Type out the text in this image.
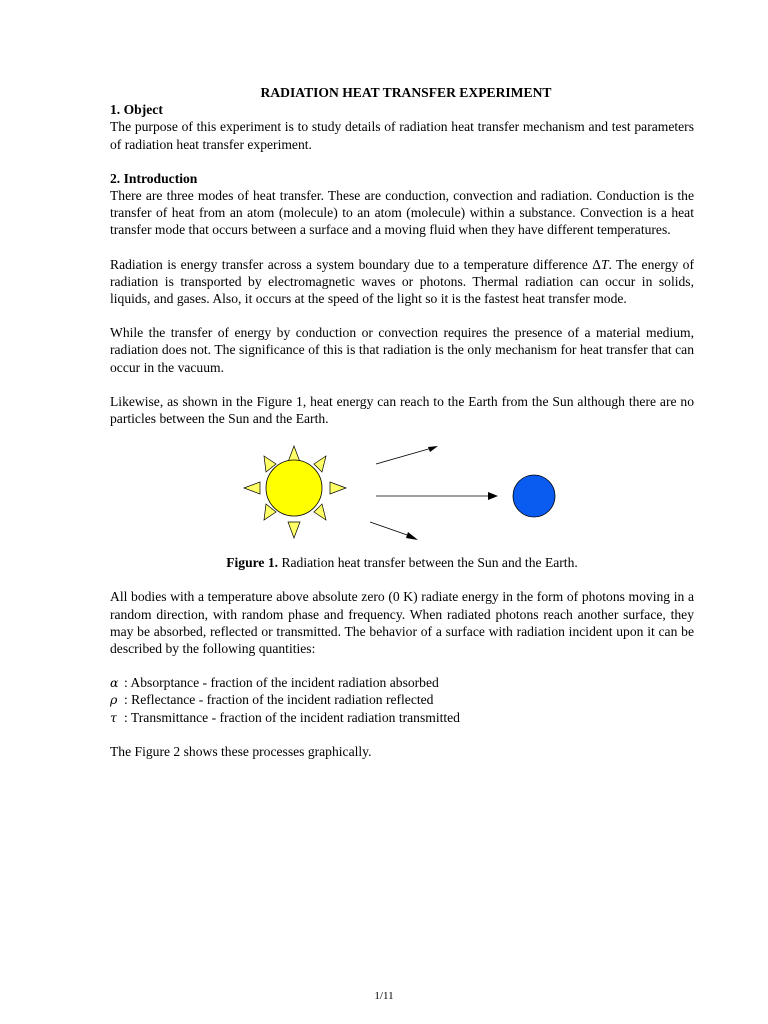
RADIATION HEAT TRANSFER EXPERIMENT

1. Object

The purpose of this experiment is to study details of radiation heat transfer mechanism and test parameters of radiation heat transfer experiment.

2. Introduction

There are three modes of heat transfer. These are conduction, convection and radiation. Conduction is the transfer of heat from an atom (molecule) to an atom (molecule) within a substance. Convection is a heat transfer mode that occurs between a surface and a moving fluid when they have different temperatures.

Radiation is energy transfer across a system boundary due to a temperature difference ΔT. The energy of radiation is transported by electromagnetic waves or photons. Thermal radiation can occur in solids, liquids, and gases. Also, it occurs at the speed of the light so it is the fastest heat transfer mode.

While the transfer of energy by conduction or convection requires the presence of a material medium, radiation does not. The significance of this is that radiation is the only mechanism for heat transfer that can occur in the vacuum.

Likewise, as shown in the Figure 1, heat energy can reach to the Earth from the Sun although there are no particles between the Sun and the Earth.

Figure 1. Radiation heat transfer between the Sun and the Earth.

All bodies with a temperature above absolute zero (0 K) radiate energy in the form of photons moving in a random direction, with random phase and frequency. When radiated photons reach another surface, they may be absorbed, reflected or transmitted. The behavior of a surface with radiation incident upon it can be described by the following quantities:

α : Absorptance - fraction of the incident radiation absorbed

ρ : Reflectance - fraction of the incident radiation reflected

τ : Transmittance - fraction of the incident radiation transmitted

The Figure 2 shows these processes graphically.

1/11
